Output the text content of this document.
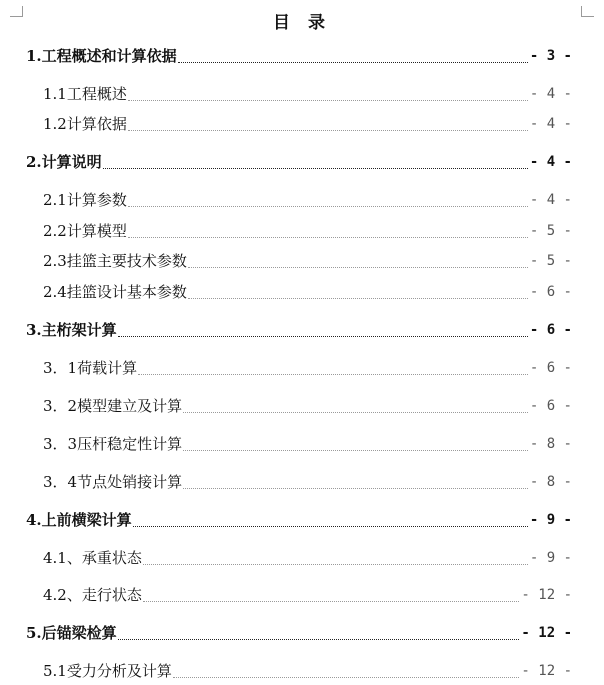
目 录
1.工程概述和计算依据	- 3 -
1.1工程概述	- 4 -
1.2计算依据	- 4 -
2.计算说明	- 4 -
2.1计算参数	- 4 -
2.2计算模型	- 5 -
2.3挂篮主要技术参数	- 5 -
2.4挂篮设计基本参数	- 6 -
3.主桁架计算	- 6 -
3．1荷载计算	- 6 -
3．2模型建立及计算	- 6 -
3．3压杆稳定性计算	- 8 -
3．4节点处销接计算	- 8 -
4.上前横梁计算	- 9 -
4.1、承重状态	- 9 -
4.2、走行状态	- 12 -
5.后锚梁检算	- 12 -
5.1受力分析及计算	- 12 -
